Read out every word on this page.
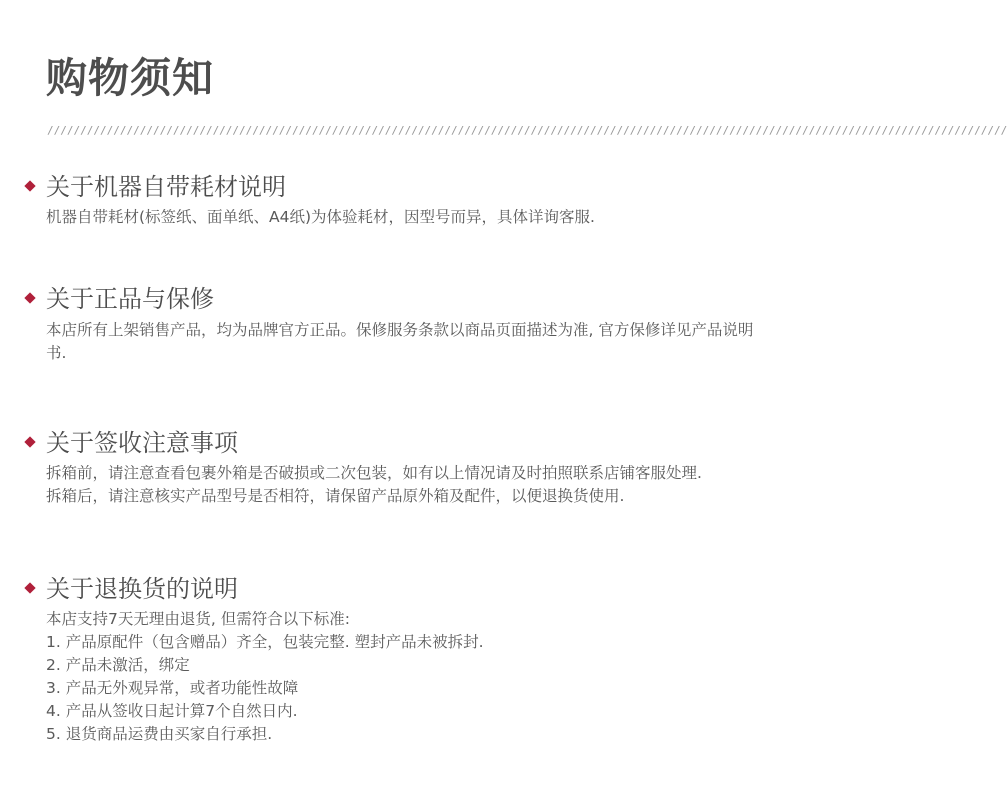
购物须知
/////////////////////////////////////////////////////////////////////////////////////////////////////////////////////////////////////////////////
关于机器自带耗材说明

机器自带耗材(标签纸、面单纸、A4纸)为体验耗材，因型号而异，具体详询客服.

关于正品与保修

本店所有上架销售产品，均为品牌官方正品。保修服务条款以商品页面描述为准, 官方保修详见产品说明书.

关于签收注意事项

拆箱前，请注意查看包裹外箱是否破损或二次包装，如有以上情况请及时拍照联系店铺客服处理.

拆箱后，请注意核实产品型号是否相符，请保留产品原外箱及配件，以便退换货使用.

关于退换货的说明

本店支持7天无理由退货, 但需符合以下标准:

1. 产品原配件（包含赠品）齐全，包装完整. 塑封产品未被拆封.

2. 产品未激活，绑定

3. 产品无外观异常，或者功能性故障

4. 产品从签收日起计算7个自然日内.

5. 退货商品运费由买家自行承担.
